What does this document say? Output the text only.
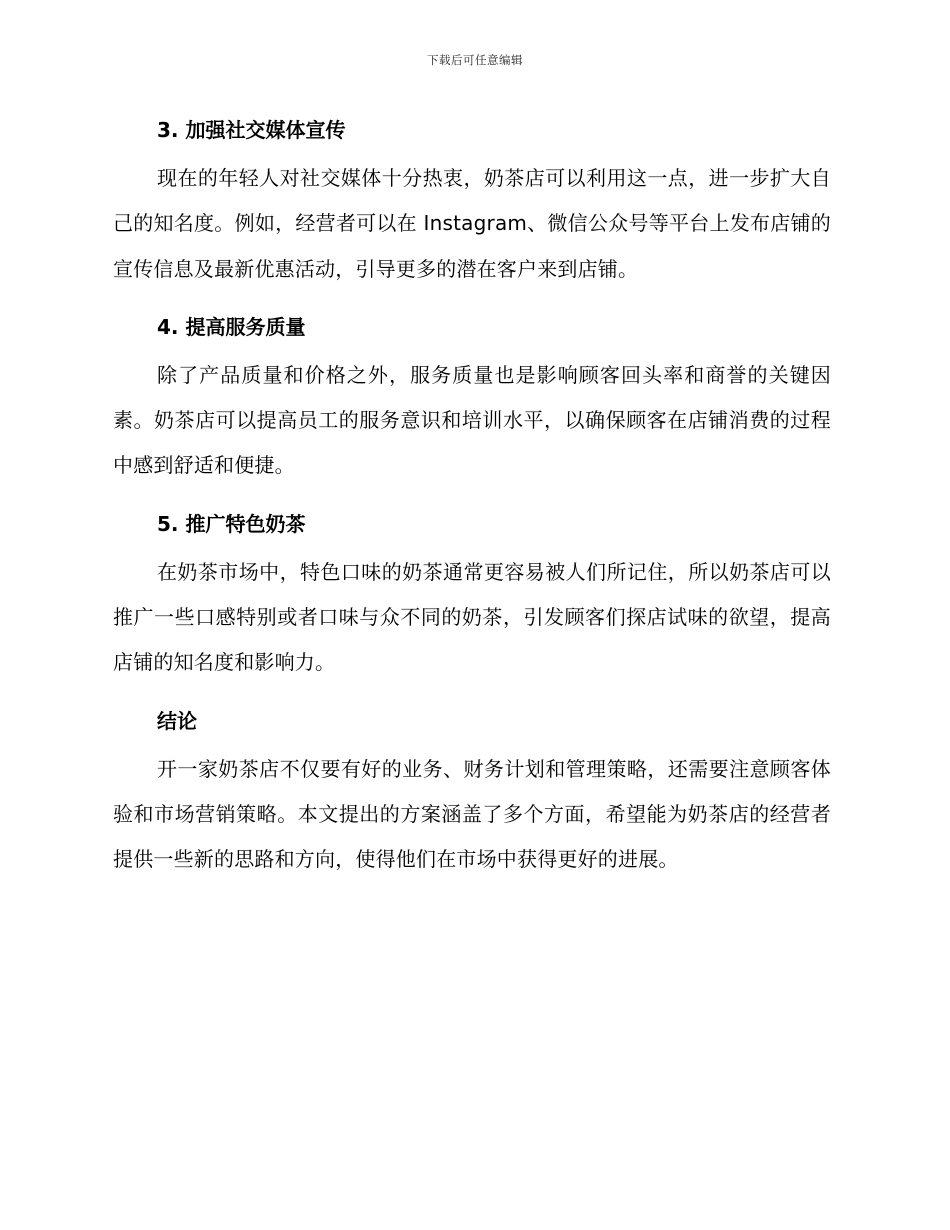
下载后可任意编辑
3. 加强社交媒体宣传

现在的年轻人对社交媒体十分热衷，奶茶店可以利用这一点，进一步扩大自己的知名度。例如，经营者可以在 Instagram、微信公众号等平台上发布店铺的宣传信息及最新优惠活动，引导更多的潜在客户来到店铺。

4. 提高服务质量

除了产品质量和价格之外，服务质量也是影响顾客回头率和商誉的关键因素。奶茶店可以提高员工的服务意识和培训水平，以确保顾客在店铺消费的过程中感到舒适和便捷。

5. 推广特色奶茶

在奶茶市场中，特色口味的奶茶通常更容易被人们所记住，所以奶茶店可以推广一些口感特别或者口味与众不同的奶茶，引发顾客们探店试味的欲望，提高店铺的知名度和影响力。

结论

开一家奶茶店不仅要有好的业务、财务计划和管理策略，还需要注意顾客体验和市场营销策略。本文提出的方案涵盖了多个方面，希望能为奶茶店的经营者提供一些新的思路和方向，使得他们在市场中获得更好的进展。
